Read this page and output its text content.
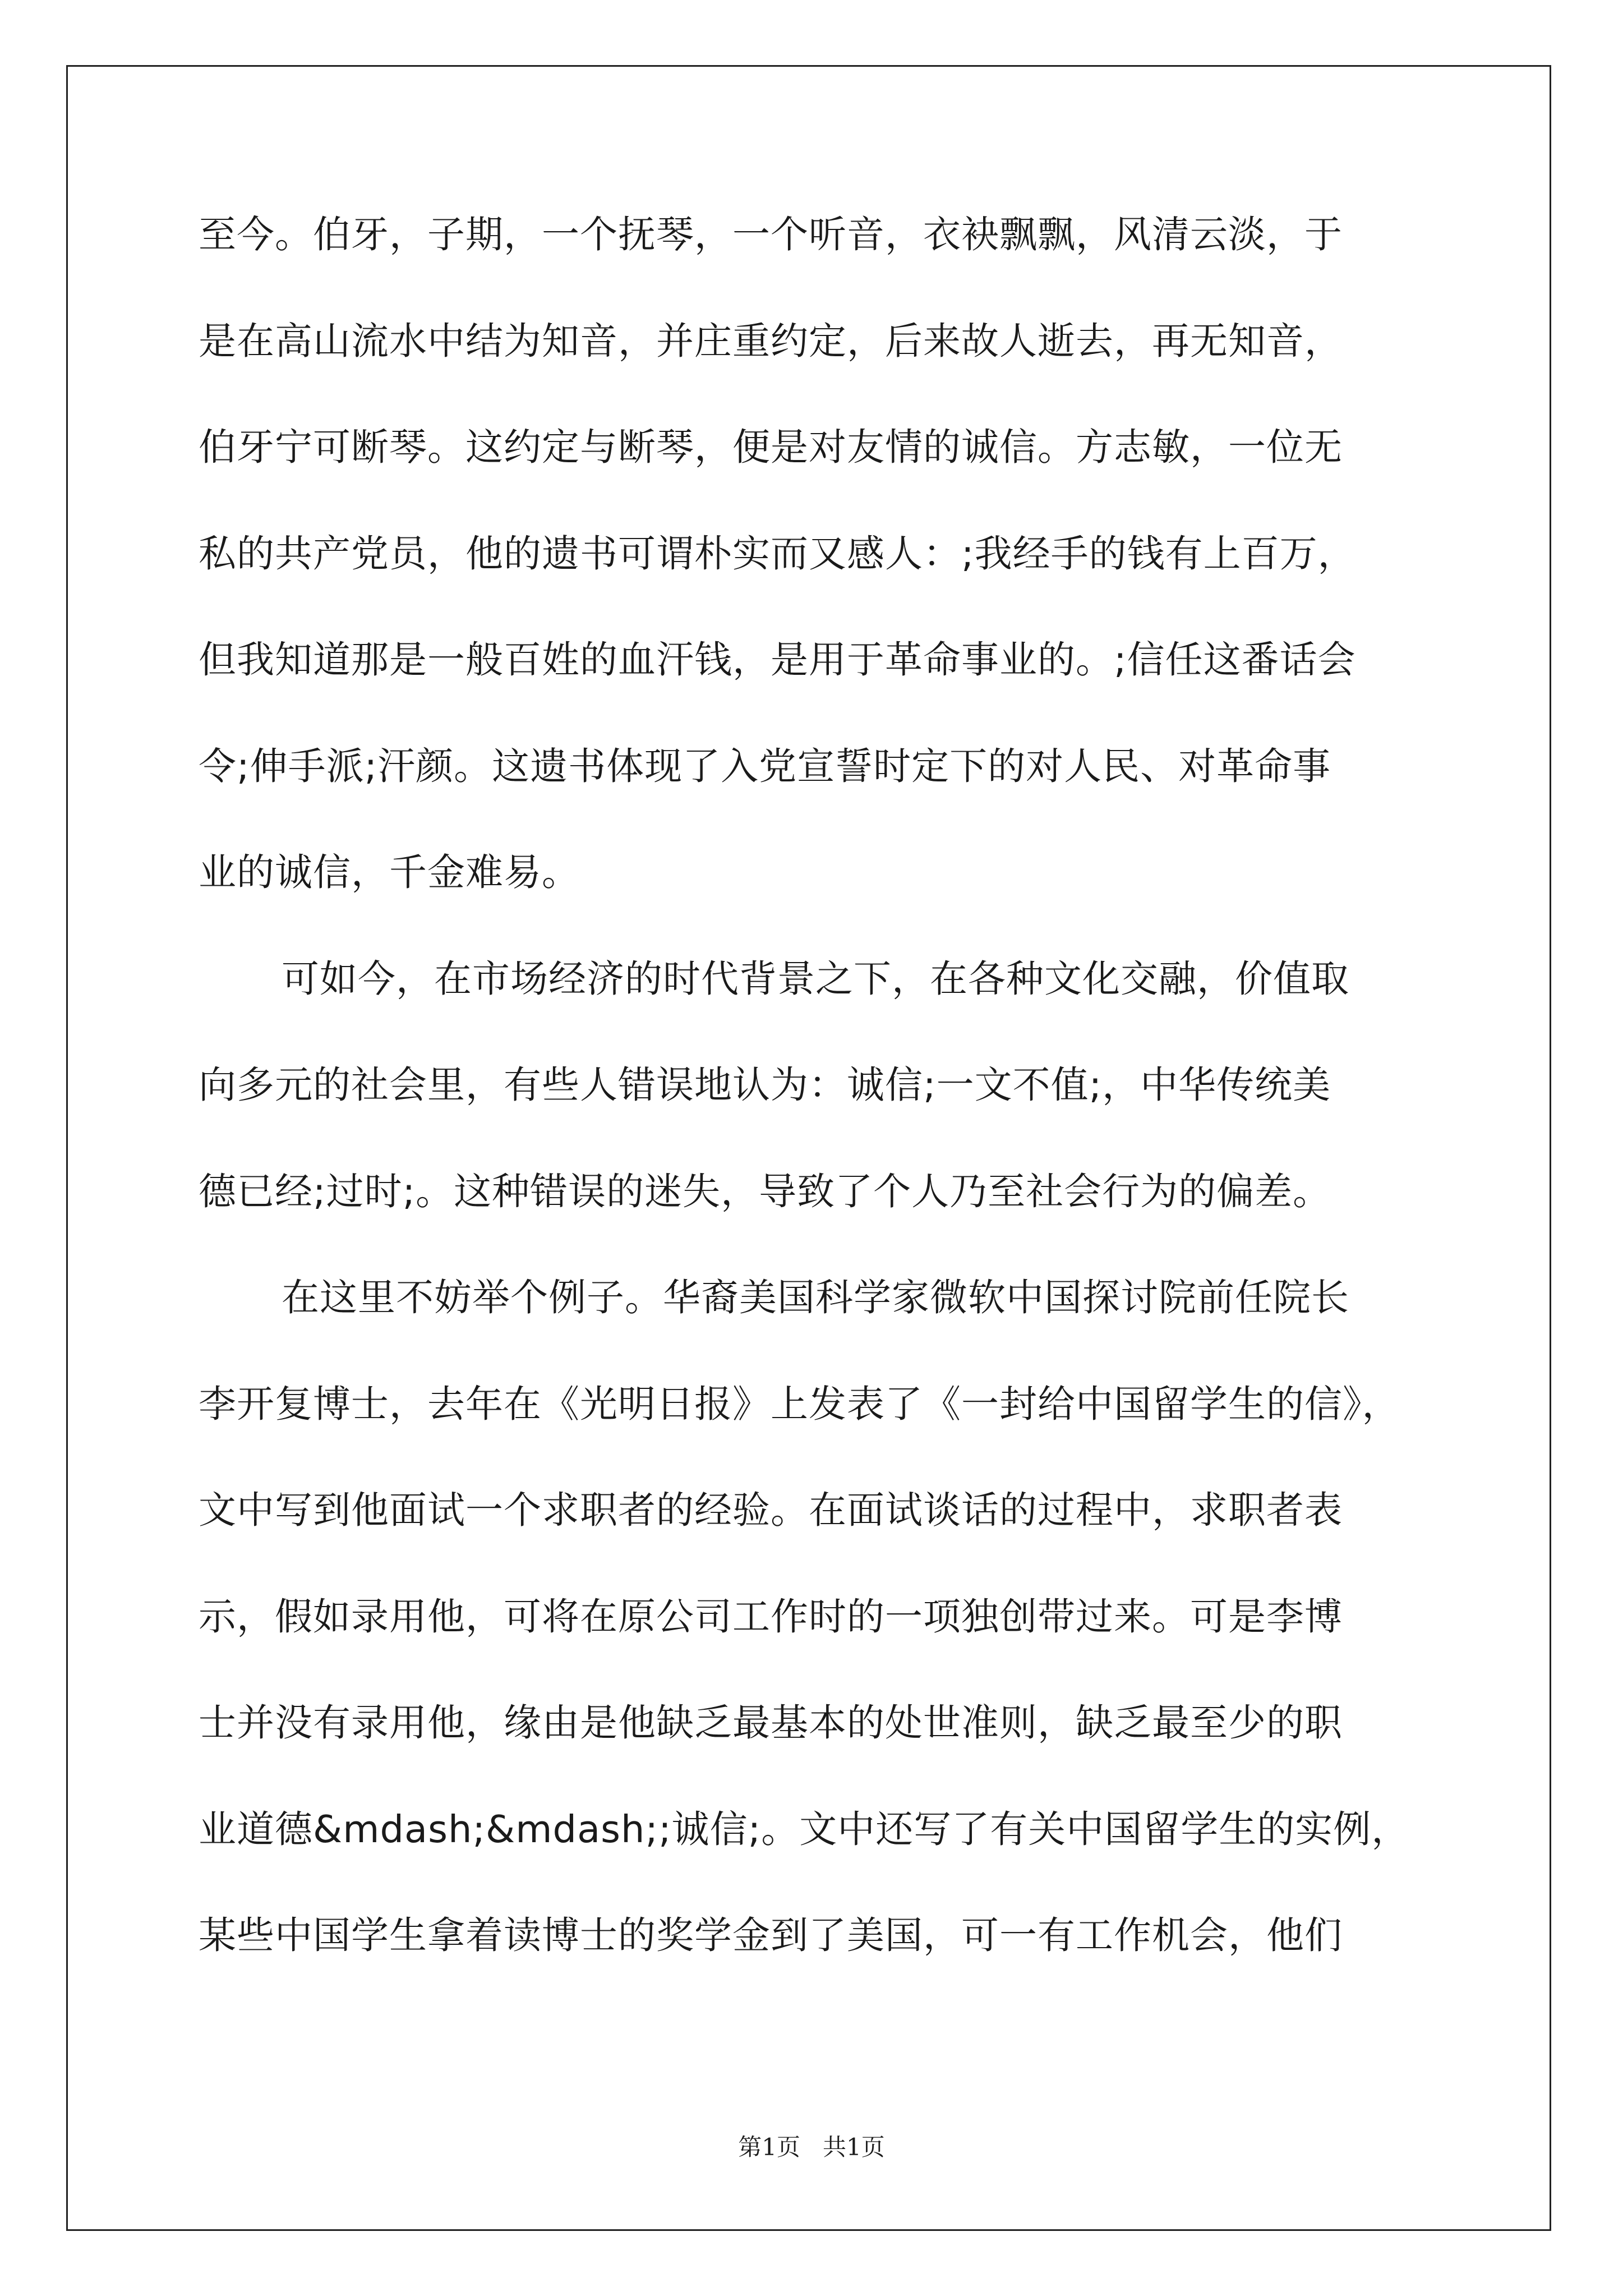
至今。伯牙，子期，一个抚琴，一个听音，衣袂飘飘，风清云淡，于
是在高山流水中结为知音，并庄重约定，后来故人逝去，再无知音，
伯牙宁可断琴。这约定与断琴，便是对友情的诚信。方志敏，一位无
私的共产党员，他的遗书可谓朴实而又感人：;我经手的钱有上百万，
但我知道那是一般百姓的血汗钱，是用于革命事业的。;信任这番话会
令;伸手派;汗颜。这遗书体现了入党宣誓时定下的对人民、对革命事
业的诚信，千金难易。
可如今，在市场经济的时代背景之下，在各种文化交融，价值取
向多元的社会里，有些人错误地认为：诚信;一文不值;，中华传统美
德已经;过时;。这种错误的迷失，导致了个人乃至社会行为的偏差。
在这里不妨举个例子。华裔美国科学家微软中国探讨院前任院长
李开复博士，去年在《光明日报》上发表了《一封给中国留学生的信》，
文中写到他面试一个求职者的经验。在面试谈话的过程中，求职者表
示，假如录用他，可将在原公司工作时的一项独创带过来。可是李博
士并没有录用他，缘由是他缺乏最基本的处世准则，缺乏最至少的职
业道德&mdash;&mdash;;诚信;。文中还写了有关中国留学生的实例，
某些中国学生拿着读博士的奖学金到了美国，可一有工作机会，他们
第1页   共1页
